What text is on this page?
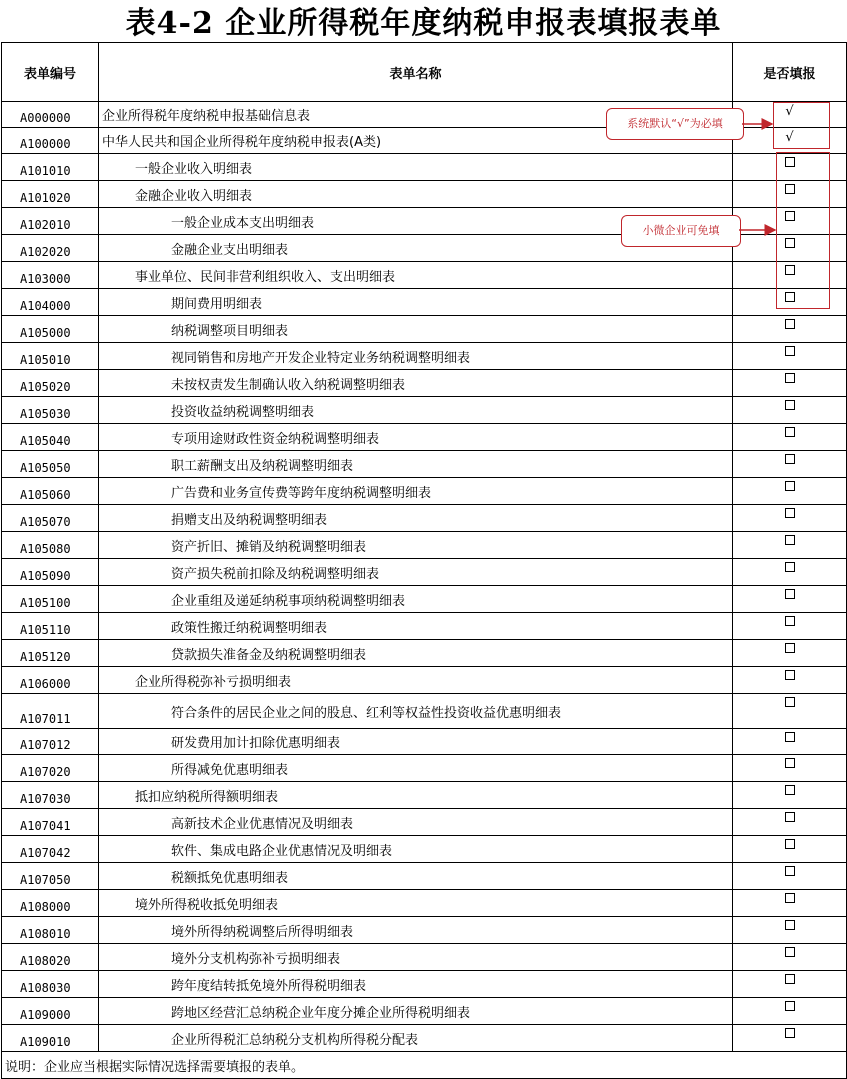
表4-2 企业所得税年度纳税申报表填报表单
表单编号	表单名称	是否填报
A000000	企业所得税年度纳税申报基础信息表	√
A100000	中华人民共和国企业所得税年度纳税申报表(A类)	√
A101010	一般企业收入明细表	
A101020	金融企业收入明细表	
A102010	一般企业成本支出明细表	
A102020	金融企业支出明细表	
A103000	事业单位、民间非营利组织收入、支出明细表	
A104000	期间费用明细表	
A105000	纳税调整项目明细表	
A105010	视同销售和房地产开发企业特定业务纳税调整明细表	
A105020	未按权责发生制确认收入纳税调整明细表	
A105030	投资收益纳税调整明细表	
A105040	专项用途财政性资金纳税调整明细表	
A105050	职工薪酬支出及纳税调整明细表	
A105060	广告费和业务宣传费等跨年度纳税调整明细表	
A105070	捐赠支出及纳税调整明细表	
A105080	资产折旧、摊销及纳税调整明细表	
A105090	资产损失税前扣除及纳税调整明细表	
A105100	企业重组及递延纳税事项纳税调整明细表	
A105110	政策性搬迁纳税调整明细表	
A105120	贷款损失准备金及纳税调整明细表	
A106000	企业所得税弥补亏损明细表	
A107011	符合条件的居民企业之间的股息、红利等权益性投资收益优惠明细表	
A107012	研发费用加计扣除优惠明细表	
A107020	所得减免优惠明细表	
A107030	抵扣应纳税所得额明细表	
A107041	高新技术企业优惠情况及明细表	
A107042	软件、集成电路企业优惠情况及明细表	
A107050	税额抵免优惠明细表	
A108000	境外所得税收抵免明细表	
A108010	境外所得纳税调整后所得明细表	
A108020	境外分支机构弥补亏损明细表	
A108030	跨年度结转抵免境外所得税明细表	
A109000	跨地区经营汇总纳税企业年度分摊企业所得税明细表	
A109010	企业所得税汇总纳税分支机构所得税分配表	
说明：企业应当根据实际情况选择需要填报的表单。		
系统默认“√”为必填
小微企业可免填
